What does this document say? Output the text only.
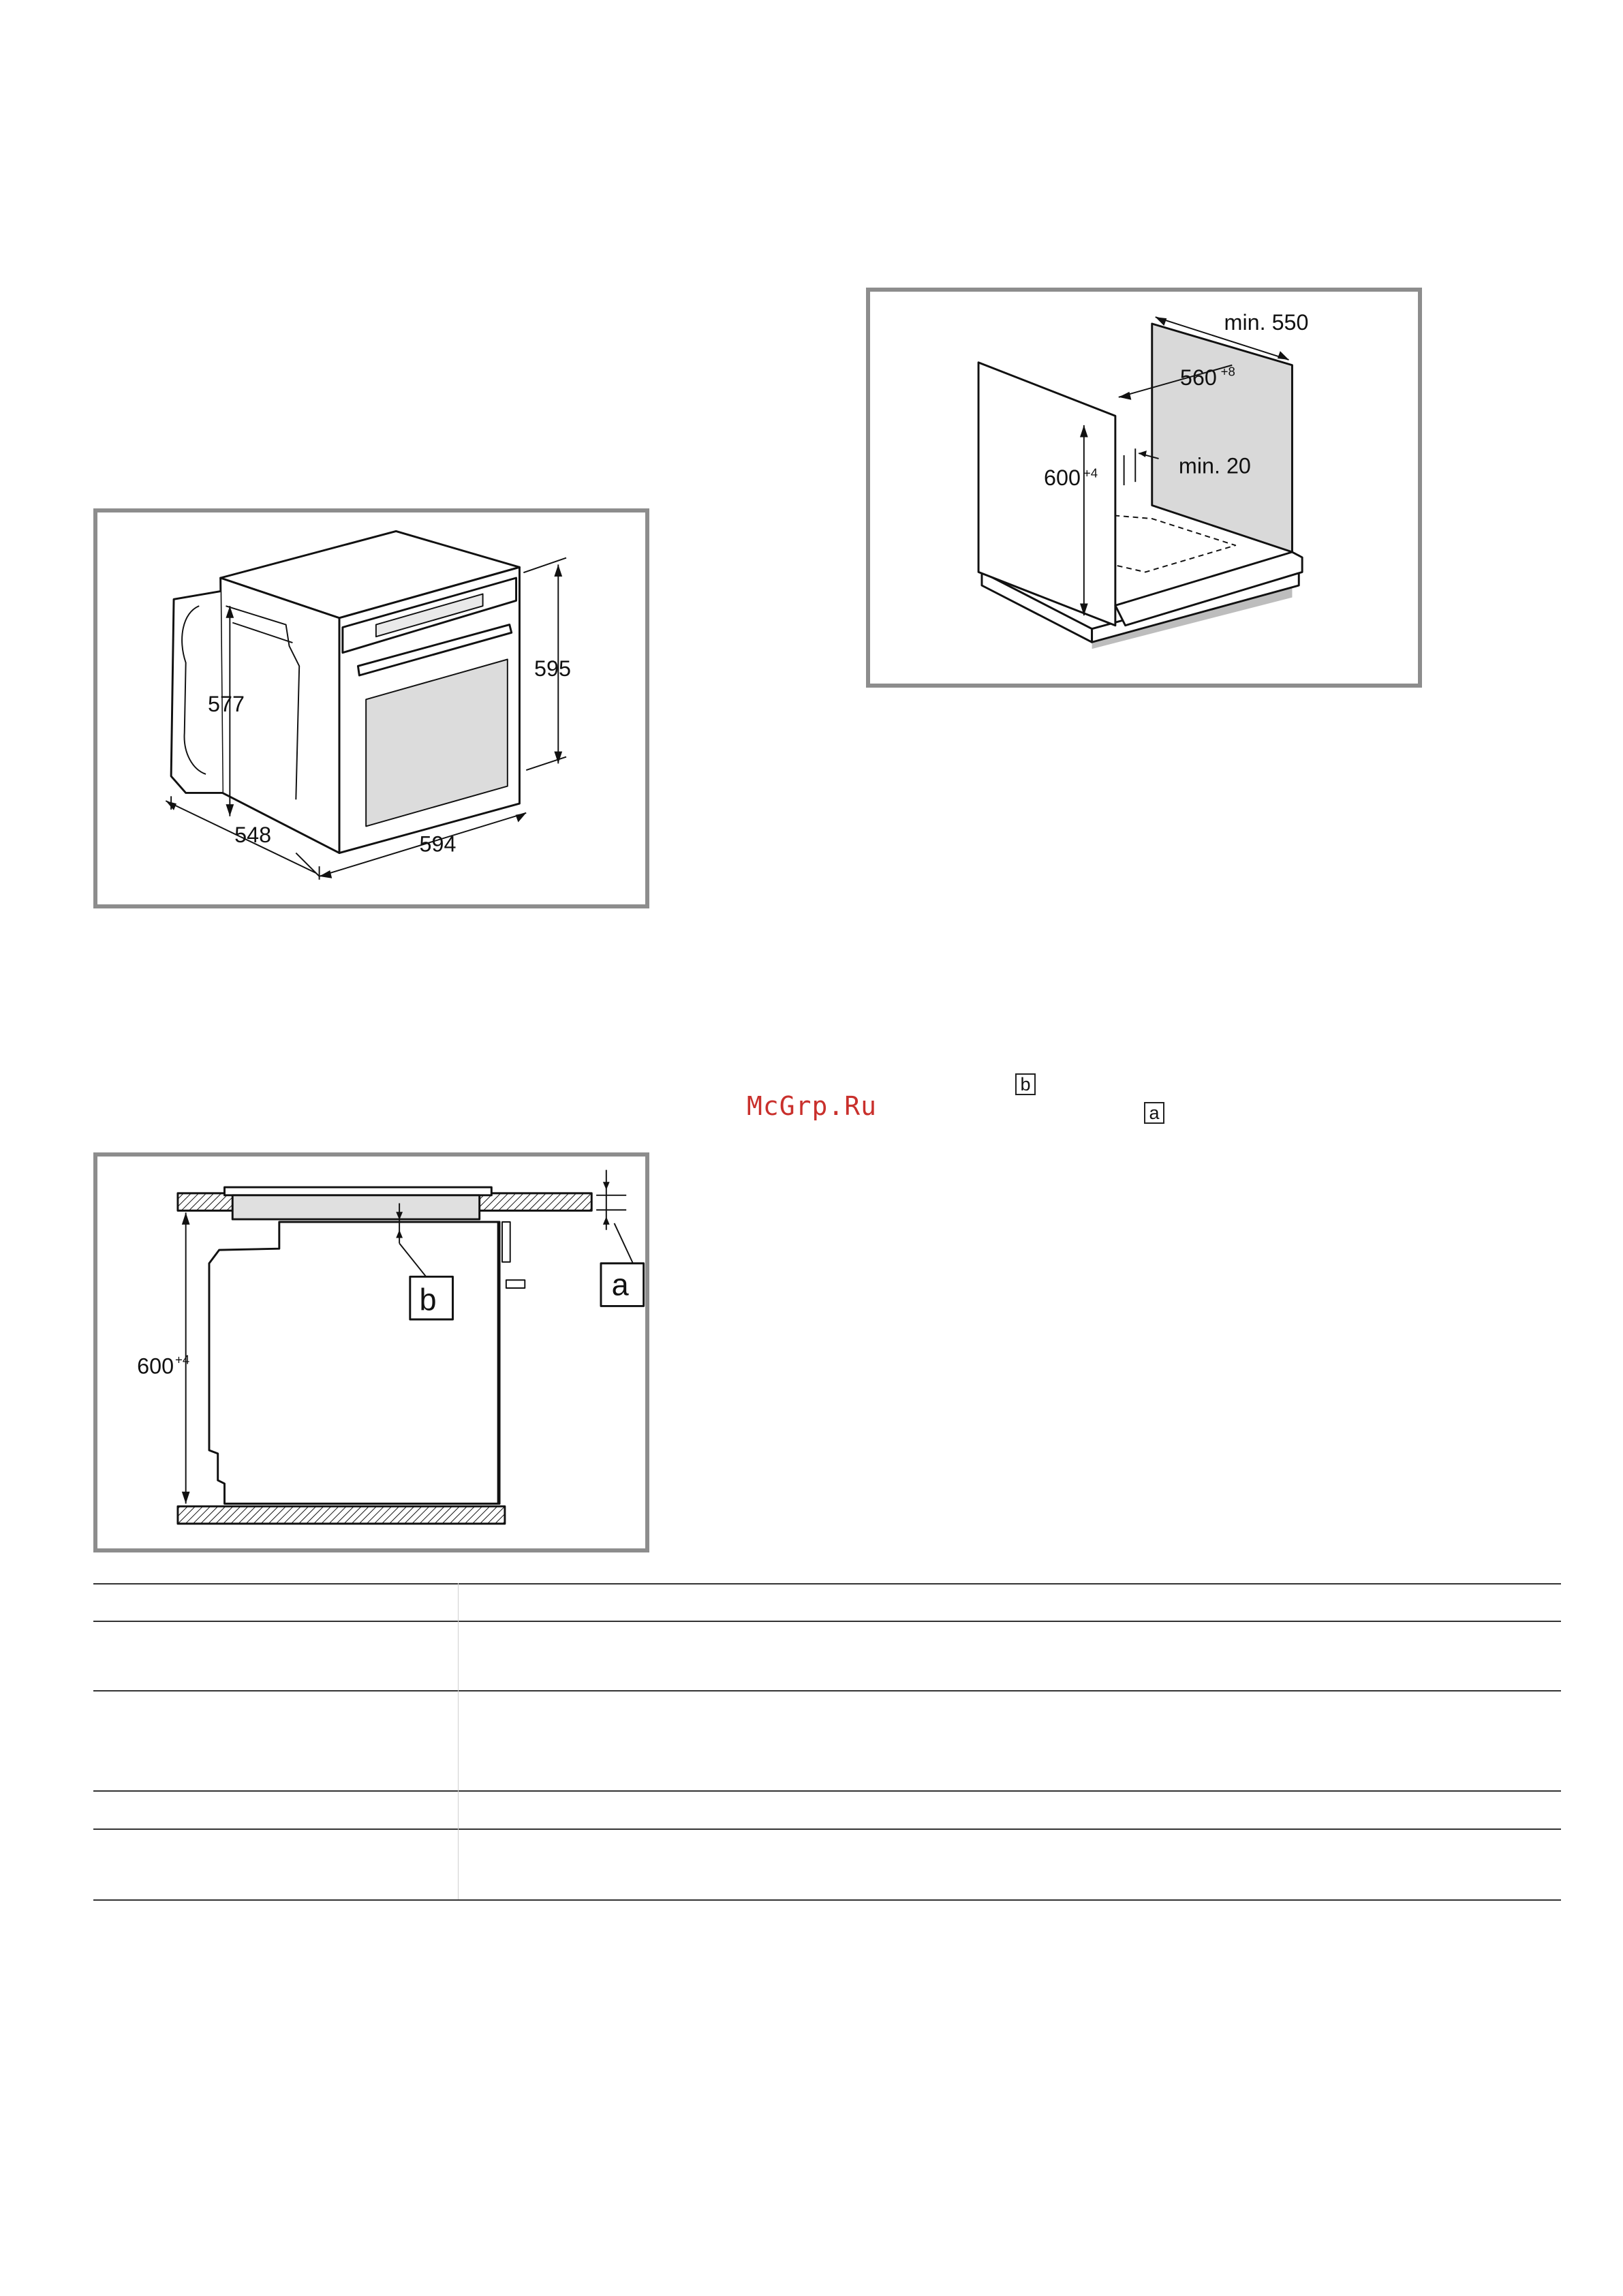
595
577
548	594
min. 550
560 $^{+8}$
600 $^{+4}$	min. 20
b	a
600 $^{+4}$
b
a
McGrp.Ru
